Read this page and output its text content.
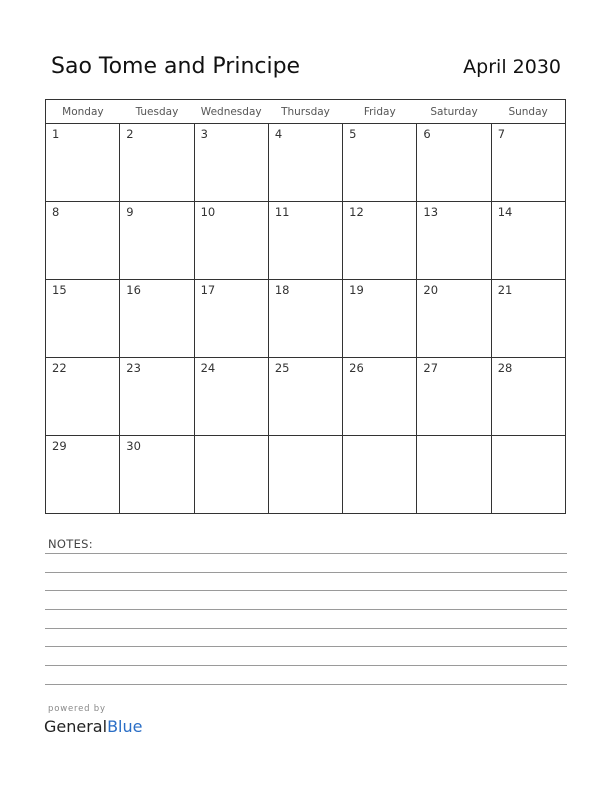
Sao Tome and Principe	April 2030
Monday	Tuesday	Wednesday	Thursday	Friday	Saturday	Sunday

1	2	3	4	5	6	7

8	9	10	11	12	13	14

15	16	17	18	19	20	21

22	23	24	25	26	27	28

29	30					

NOTES:
powered by
GeneralBlue
